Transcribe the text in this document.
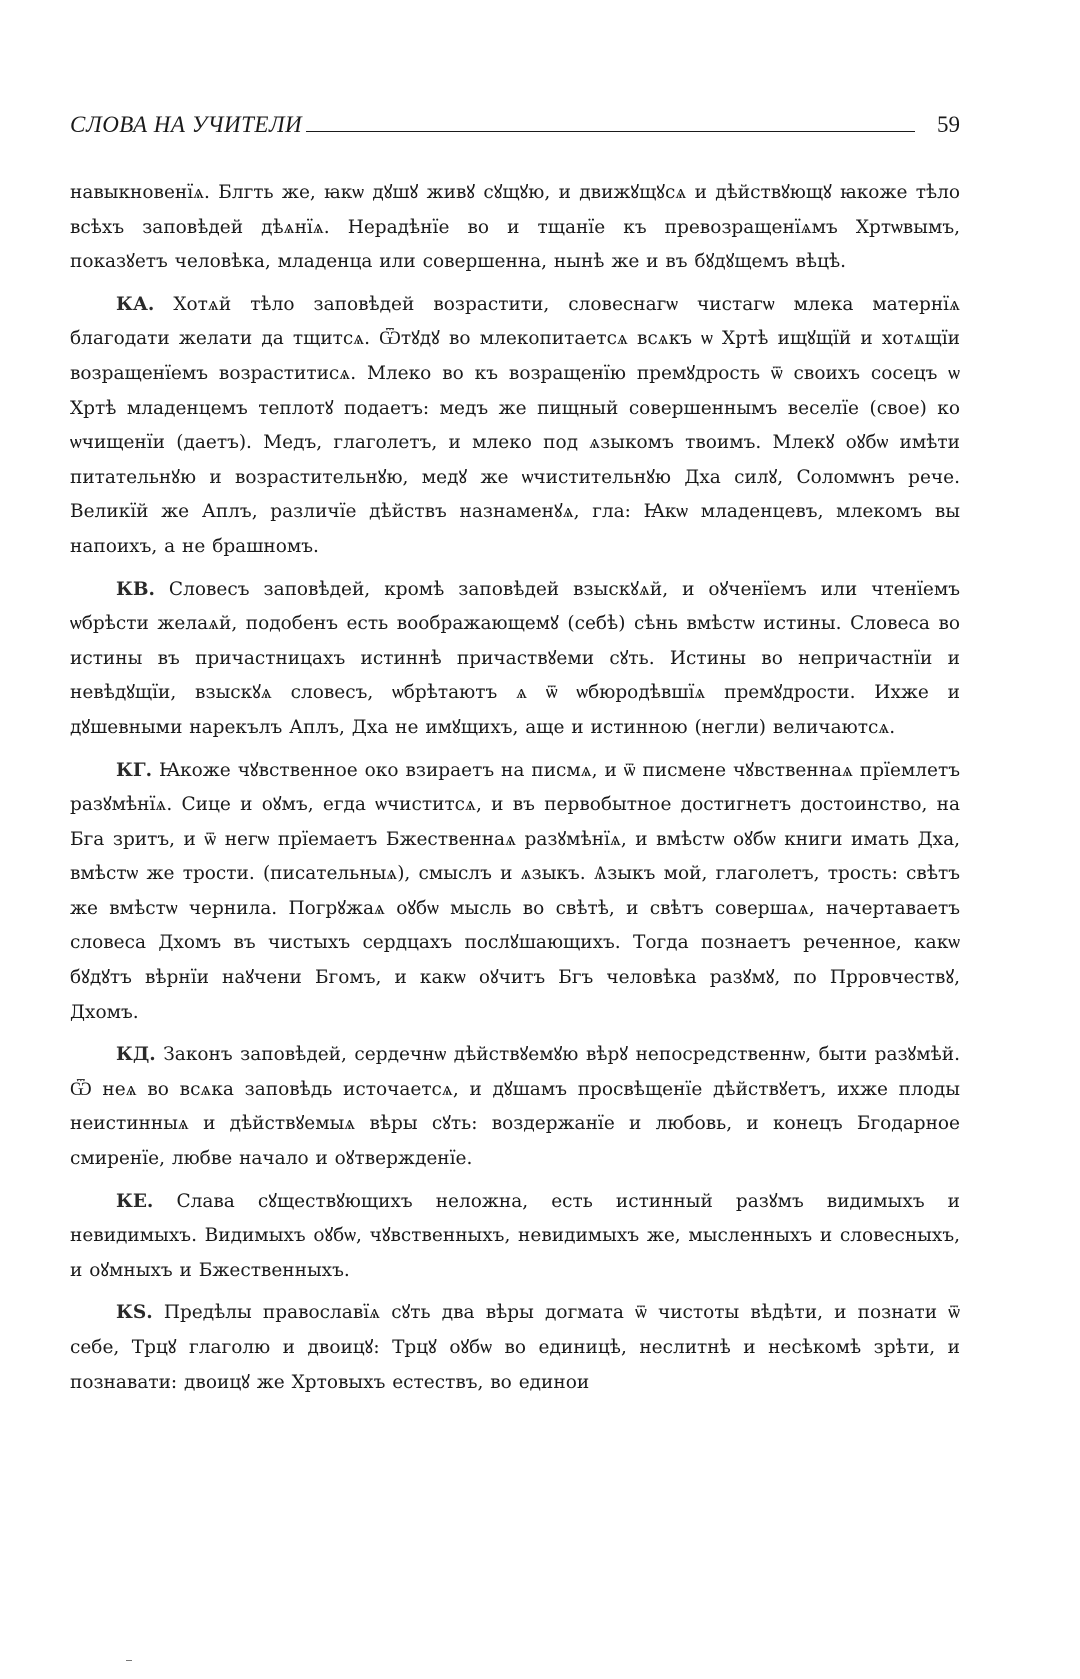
СЛОВА НА УЧИТЕЛИ	59

навыкновенїѧ. Блгть же, ꙗкѡ дꙋшꙋ живꙋ сꙋщꙋю, и движꙋщꙋсѧ и дѣйствꙋющꙋ ꙗкоже тѣло всѣхъ заповѣдей дѣѧнїѧ. Нерадѣнїе во и тщанїе къ превозращенїѧмъ Хртѡвымъ, показꙋетъ человѣка, младенца или совершенна, нынѣ же и въ бꙋдꙋщемъ вѣцѣ.

КА. Хотѧй тѣло заповѣдей возрастити, словеснагѡ чистагѡ млека матернїѧ благодати желати да тщитсѧ. Ѿтꙋдꙋ во млекопитаетсѧ всѧкъ ѡ Хртѣ ищꙋщїй и хотѧщїи возращенїемъ возраститисѧ. Млеко во къ возращенїю премꙋдрость ѿ своихъ сосецъ ѡ Хртѣ младенцемъ теплотꙋ подаетъ: медъ же пищный совершеннымъ веселїе (свое) ко ѡчищенїи (даетъ). Медъ, глаголетъ, и млеко под ѧзыкомъ твоимъ. Млекꙋ оꙋбѡ имѣти питательнꙋю и возрастительнꙋю, медꙋ же ѡчистительнꙋю Дха силꙋ, Соломѡнъ рече. Великїй же Аплъ, различїе дѣйствъ назнаменꙋѧ, гла: Ꙗкѡ младенцевъ, млекомъ вы напоихъ, а не брашномъ.

КВ. Словесъ заповѣдей, кромѣ заповѣдей взыскꙋѧй, и оꙋченїемъ или чтенїемъ ѡбрѣсти желаѧй, подобенъ есть воображающемꙋ (себѣ) сѣнь вмѣстѡ истины. Словеса во истины въ причастницахъ истиннѣ причаствꙋеми сꙋть. Истины во непричастнїи и невѣдꙋщїи, взыскꙋѧ словесъ, ѡбрѣтаютъ ѧ ѿ ѡбюродѣвшїѧ премꙋдрости. Ихже и дꙋшевными нарекълъ Аплъ, Дха не имꙋщихъ, аще и истинною (негли) величаютсѧ.

КГ. Ꙗкоже чꙋвственное око взираетъ на писмѧ, и ѿ писмене чꙋвственнаѧ прїемлетъ разꙋмѣнїѧ. Сице и оꙋмъ, егда ѡчиститсѧ, и въ первобытное достигнетъ достоинство, на Бга зритъ, и ѿ негѡ прїемаетъ Бжественнаѧ разꙋмѣнїѧ, и вмѣстѡ оꙋбѡ книги имать Дха, вмѣстѡ же трости. (писательныѧ), смыслъ и ѧзыкъ. Ѧзыкъ мой, глаголетъ, трость: свѣтъ же вмѣстѡ чернила. Погрꙋжаѧ оꙋбѡ мысль во свѣтѣ, и свѣтъ совершаѧ, начертаваетъ словеса Дхомъ въ чистыхъ сердцахъ послꙋшающихъ. Тогда познаетъ реченное, какѡ бꙋдꙋтъ вѣрнїи наꙋчени Бгомъ, и какѡ оꙋчитъ Бгъ человѣка разꙋмꙋ, по Прровчествꙋ, Дхомъ.

КД. Законъ заповѣдей, сердечнѡ дѣйствꙋемꙋю вѣрꙋ непосредственнѡ, быти разꙋмѣй. Ѿ неѧ во всѧка заповѣдь источаетсѧ, и дꙋшамъ просвѣщенїе дѣйствꙋетъ, ихже плоды неистинныѧ и дѣйствꙋемыѧ вѣры сꙋть: воздержанїе и любовь, и конецъ Бгодарное смиренїе, любве начало и оꙋтвержденїе.

КЕ. Слава сꙋществꙋющихъ неложна, есть истинный разꙋмъ видимыхъ и невидимыхъ. Видимыхъ оꙋбѡ, чꙋвственныхъ, невидимыхъ же, мысленныхъ и словесныхъ, и оꙋмныхъ и Бжественныхъ.

КЅ. Предѣлы православїѧ сꙋть два вѣры догмата ѿ чистоты вѣдѣти, и познати ѿ себе, Трцꙋ глаголю и двоицꙋ: Трцꙋ оꙋбѡ во единицѣ, неслитнѣ и несѣкомѣ зрѣти, и познавати: двоицꙋ же Хртовыхъ естествъ, во единои
